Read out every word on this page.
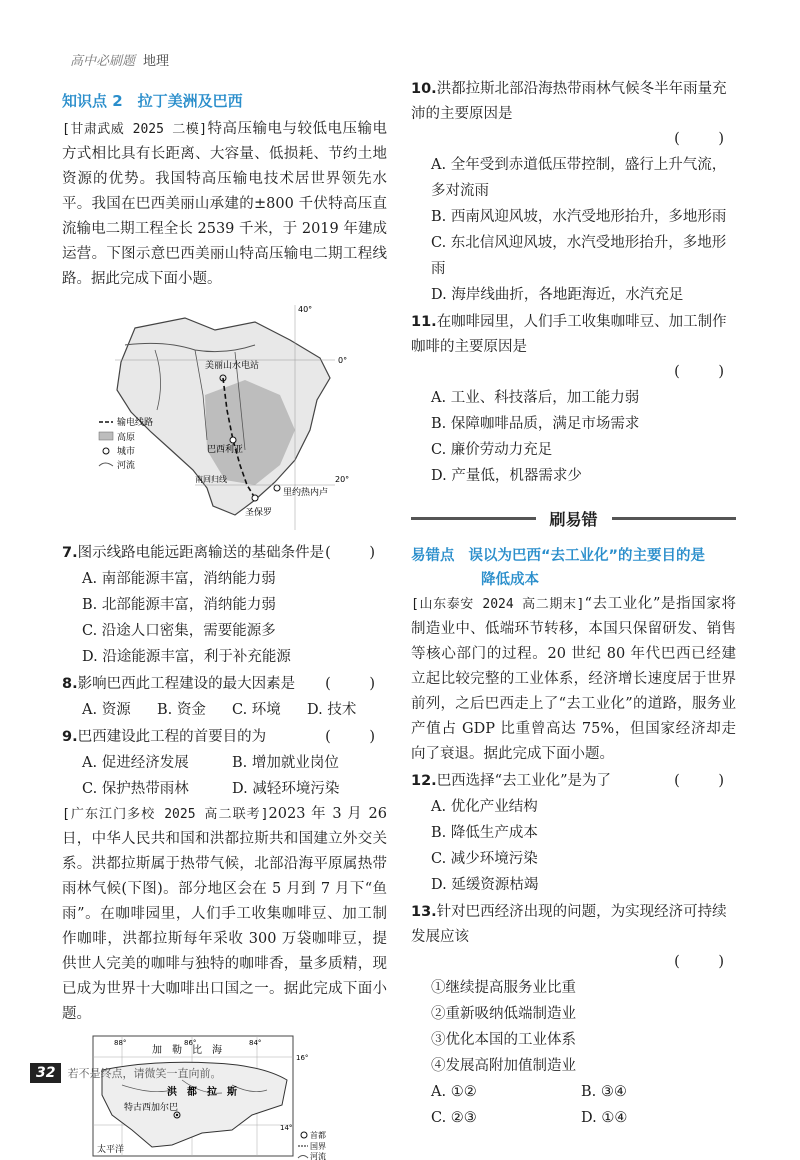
高中必刷题 地理
知识点 2　拉丁美洲及巴西

[甘肃武威 2025 二模]特高压输电与较低电压输电方式相比具有长距离、大容量、低损耗、节约土地资源的优势。我国特高压输电技术居世界领先水平。我国在巴西美丽山承建的±800 千伏特高压直流输电二期工程全长 2539 千米，于 2019 年建成运营。下图示意巴西美丽山特高压输电二期工程线路。据此完成下面小题。

美丽山水电站
巴西利亚
圣保罗
里约热内卢
南回归线
0°
40°
20°
输电线路
高原
城市
河流
7.图示线路电能远距离输送的基础条件是 (　)
A. 南部能源丰富，消纳能力弱
B. 北部能源丰富，消纳能力弱
C. 沿途人口密集，需要能源多
D. 沿途能源丰富，利于补充能源
8.影响巴西此工程建设的最大因素是 (　)
A. 资源	B. 资金	C. 环境	D. 技术
9.巴西建设此工程的首要目的为	(　)
A. 促进经济发展	B. 增加就业岗位
C. 保护热带雨林	D. 减轻环境污染

[广东江门多校 2025 高二联考]2023 年 3 月 26 日，中华人民共和国和洪都拉斯共和国建立外交关系。洪都拉斯属于热带气候，北部沿海平原属热带雨林气候(下图)。部分地区会在 5 月到 7 月下“鱼雨”。在咖啡园里，人们手工收集咖啡豆、加工制作咖啡，洪都拉斯每年采收 300 万袋咖啡豆，提供世人完美的咖啡与独特的咖啡香，量多质精，现已成为世界十大咖啡出口国之一。据此完成下面小题。

加　勒　比　海
洪　都　拉　斯
特古西加尔巴
太平洋
88°	86°	84°
16°
14°
首都
国界
河流
10.洪都拉斯北部沿海热带雨林气候冬半年雨量充沛的主要原因是
(　)
A. 全年受到赤道低压带控制，盛行上升气流，多对流雨
B. 西南风迎风坡，水汽受地形抬升，多地形雨
C. 东北信风迎风坡，水汽受地形抬升，多地形雨
D. 海岸线曲折，各地距海近，水汽充足
11.在咖啡园里，人们手工收集咖啡豆、加工制作咖啡的主要原因是
(　)
A. 工业、科技落后，加工能力弱
B. 保障咖啡品质，满足市场需求
C. 廉价劳动力充足
D. 产量低，机器需求少
刷易错
易错点 误以为巴西“去工业化”的主要目的是
降低成本

[山东泰安 2024 高二期末]“去工业化”是指国家将制造业中、低端环节转移，本国只保留研发、销售等核心部门的过程。20 世纪 80 年代巴西已经建立起比较完整的工业体系，经济增长速度居于世界前列，之后巴西走上了“去工业化”的道路，服务业产值占 GDP 比重曾高达 75%，但国家经济却走向了衰退。据此完成下面小题。

12.巴西选择“去工业化”是为了	(　)
A. 优化产业结构
B. 降低生产成本
C. 减少环境污染
D. 延缓资源枯竭
13.针对巴西经济出现的问题，为实现经济可持续发展应该
(　)
①继续提高服务业比重
②重新吸纳低端制造业
③优化本国的工业体系
④发展高附加值制造业
A. ①②	B. ③④
C. ②③	D. ①④
32	若不是终点，请微笑一直向前。
